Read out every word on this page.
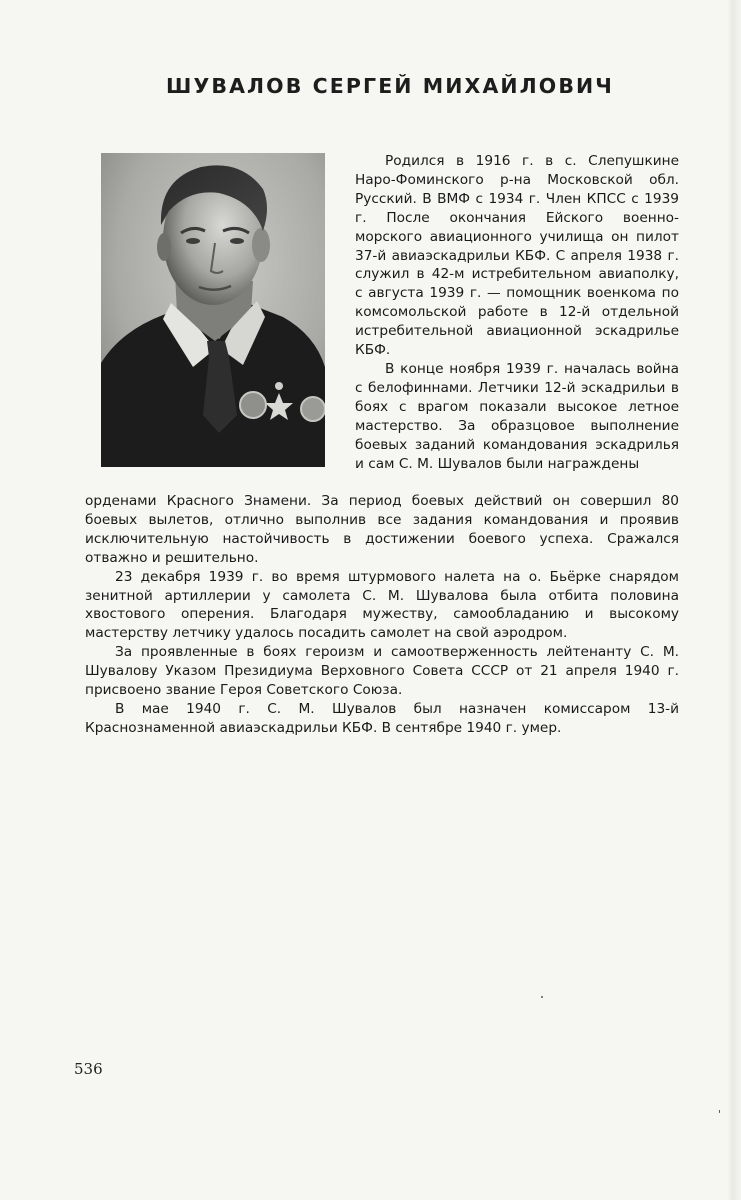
ШУВАЛОВ СЕРГЕЙ МИХАЙЛОВИЧ

Родился в 1916 г. в с. Слепушкине Наро-Фоминского р-на Московской обл. Русский. В ВМФ с 1934 г. Член КПСС с 1939 г. После окончания Ейского военно-морского авиационного училища он пилот 37-й авиаэскадрильи КБФ. С апреля 1938 г. служил в 42-м истребительном авиаполку, с августа 1939 г. — помощник военкома по комсомольской работе в 12-й отдельной истребительной авиационной эскадрилье КБФ.

В конце ноября 1939 г. началась война с белофиннами. Летчики 12-й эскадрильи в боях с врагом показали высокое летное мастерство. За образцовое выполнение боевых заданий командования эскадрилья и сам С. М. Шувалов были награждены

орденами Красного Знамени. За период боевых действий он совершил 80 боевых вылетов, отлично выполнив все задания командования и проявив исключительную настойчивость в достижении боевого успеха. Сражался отважно и решительно.

23 декабря 1939 г. во время штурмового налета на о. Бьёрке снарядом зенитной артиллерии у самолета С. М. Шувалова была отбита половина хвостового оперения. Благодаря мужеству, самообладанию и высокому мастерству летчику удалось посадить самолет на свой аэродром.

За проявленные в боях героизм и самоотверженность лейтенанту С. М. Шувалову Указом Президиума Верховного Совета СССР от 21 апреля 1940 г. присвоено звание Героя Советского Союза.

В мае 1940 г. С. М. Шувалов был назначен комиссаром 13-й Краснознаменной авиаэскадрильи КБФ. В сентябре 1940 г. умер.

536
